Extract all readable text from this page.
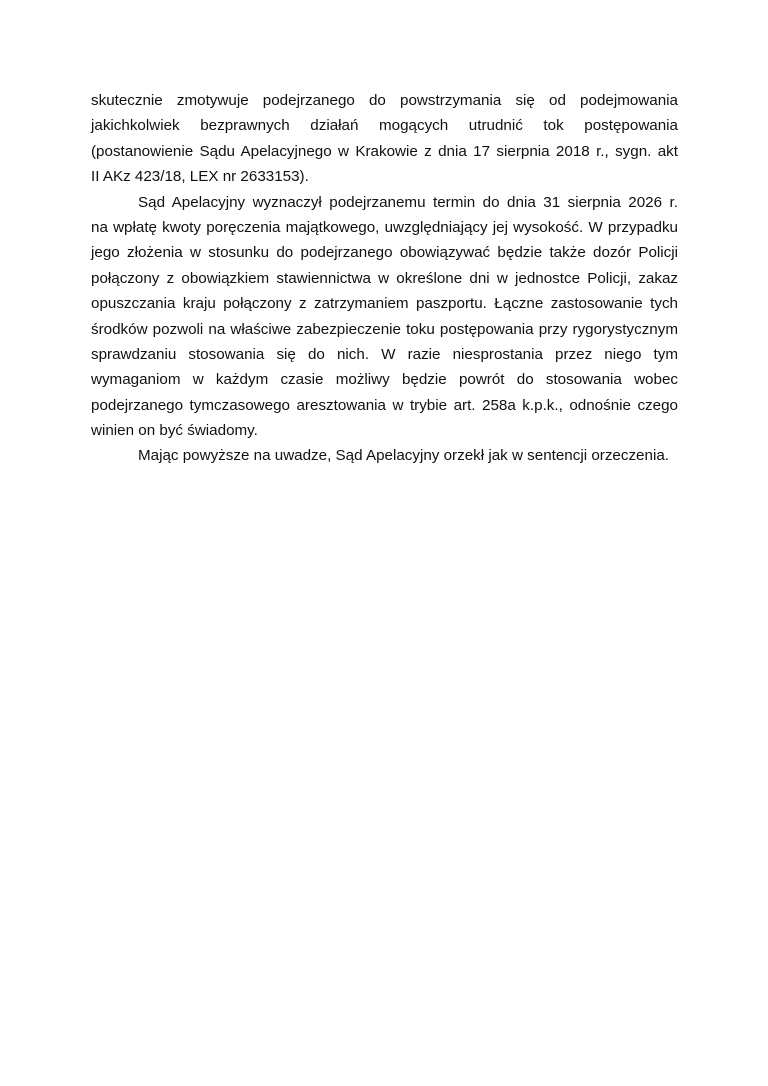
skutecznie zmotywuje podejrzanego do powstrzymania się od podejmowania
jakichkolwiek bezprawnych działań mogących utrudnić tok postępowania
(postanowienie Sądu Apelacyjnego w Krakowie z dnia 17 sierpnia 2018 r., sygn. akt
II AKz 423/18, LEX nr 2633153).
Sąd Apelacyjny wyznaczył podejrzanemu termin do dnia 31 sierpnia 2026 r.
na wpłatę kwoty poręczenia majątkowego, uwzględniający jej wysokość. W przypadku
jego złożenia w stosunku do podejrzanego obowiązywać będzie także dozór Policji
połączony z obowiązkiem stawiennictwa w określone dni w jednostce Policji, zakaz
opuszczania kraju połączony z zatrzymaniem paszportu. Łączne zastosowanie tych
środków pozwoli na właściwe zabezpieczenie toku postępowania przy rygorystycznym
sprawdzaniu stosowania się do nich. W razie niesprostania przez niego tym
wymaganiom w każdym czasie możliwy będzie powrót do stosowania wobec
podejrzanego tymczasowego aresztowania w trybie art. 258a k.p.k., odnośnie czego
winien on być świadomy.
Mając powyższe na uwadze, Sąd Apelacyjny orzekł jak w sentencji orzeczenia.
